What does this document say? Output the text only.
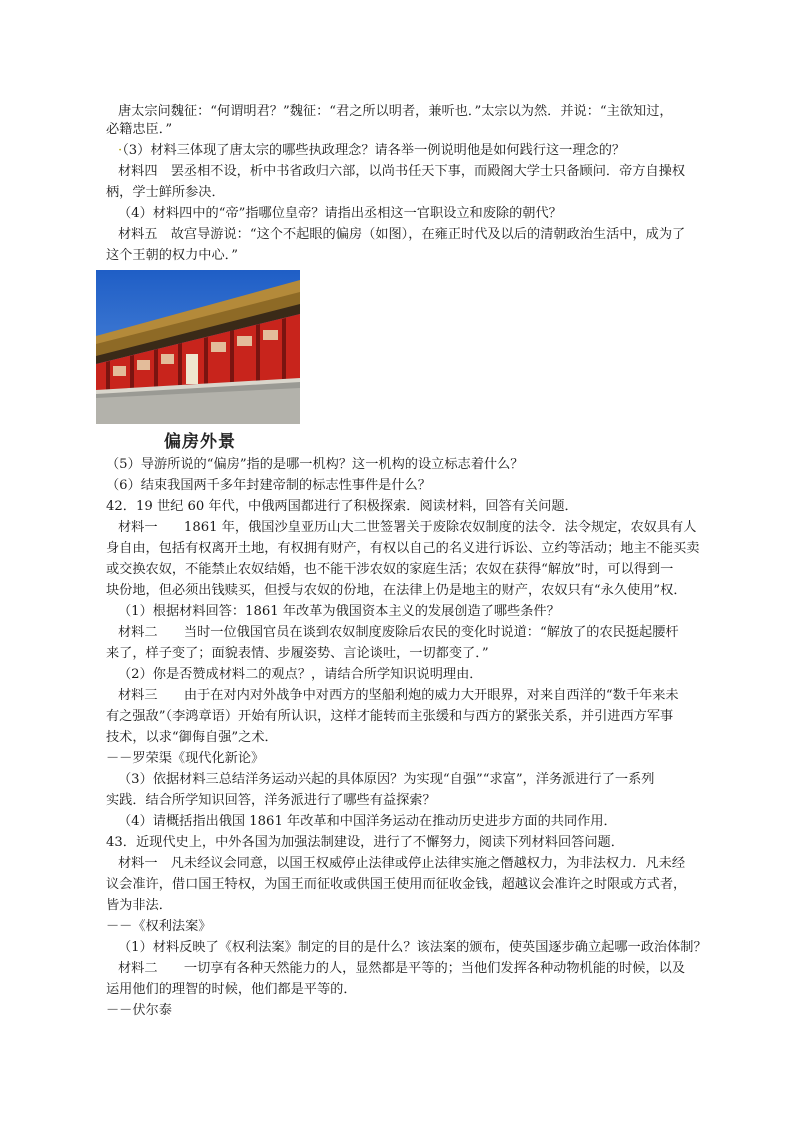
唐太宗问魏征：“何谓明君？”魏征：“君之所以明者，兼听也．”太宗以为然．并说：“主欲知过，
必籍忠臣．”
·（3）材料三体现了唐太宗的哪些执政理念？请各举一例说明他是如何践行这一理念的？
材料四　罢丞相不设，析中书省政归六部，以尚书任天下事，而殿阁大学士只备顾问．帝方自操权
柄，学士鲜所参决．
（4）材料四中的“帝”指哪位皇帝？请指出丞相这一官职设立和废除的朝代？
材料五　故宫导游说：“这个不起眼的偏房（如图），在雍正时代及以后的清朝政治生活中，成为了
这个王朝的权力中心．”
偏房外景
（5）导游所说的“偏房”指的是哪一机构？这一机构的设立标志着什么？
（6）结束我国两千多年封建帝制的标志性事件是什么？
42．19 世纪 60 年代，中俄两国都进行了积极探索．阅读材料，回答有关问题．
材料一　　1861 年，俄国沙皇亚历山大二世签署关于废除农奴制度的法令．法令规定，农奴具有人
身自由，包括有权离开土地，有权拥有财产，有权以自己的名义进行诉讼、立约等活动；地主不能买卖
或交换农奴，不能禁止农奴结婚，也不能干涉农奴的家庭生活；农奴在获得“解放”时，可以得到一
块份地，但必须出钱赎买，但授与农奴的份地，在法律上仍是地主的财产，农奴只有“永久使用”权．
（1）根据材料回答：1861 年改革为俄国资本主义的发展创造了哪些条件？
材料二　　当时一位俄国官员在谈到农奴制度废除后农民的变化时说道：“解放了的农民挺起腰杆
来了，样子变了；面貌表情、步履姿势、言论谈吐，一切都变了．”
（2）你是否赞成材料二的观点？，请结合所学知识说明理由．
材料三　　由于在对内对外战争中对西方的坚船利炮的威力大开眼界，对来自西洋的“数千年来未
有之强敌”（李鸿章语）开始有所认识，这样才能转而主张缓和与西方的紧张关系，并引进西方军事
技术，以求“御侮自强”之术．
－－罗荣渠《现代化新论》
（3）依据材料三总结洋务运动兴起的具体原因？为实现“自强”“求富”，洋务派进行了一系列
实践．结合所学知识回答，洋务派进行了哪些有益探索？
（4）请概括指出俄国 1861 年改革和中国洋务运动在推动历史进步方面的共同作用．
43．近现代史上，中外各国为加强法制建设，进行了不懈努力，阅读下列材料回答问题．
材料一　凡未经议会同意，以国王权威停止法律或停止法律实施之僭越权力，为非法权力．凡未经
议会准许，借口国王特权，为国王而征收或供国王使用而征收金钱，超越议会准许之时限或方式者，
皆为非法．
－－《权利法案》
（1）材料反映了《权利法案》制定的目的是什么？该法案的颁布，使英国逐步确立起哪一政治体制？
材料二　　一切享有各种天然能力的人，显然都是平等的；当他们发挥各种动物机能的时候，以及
运用他们的理智的时候，他们都是平等的．
－－伏尔泰
